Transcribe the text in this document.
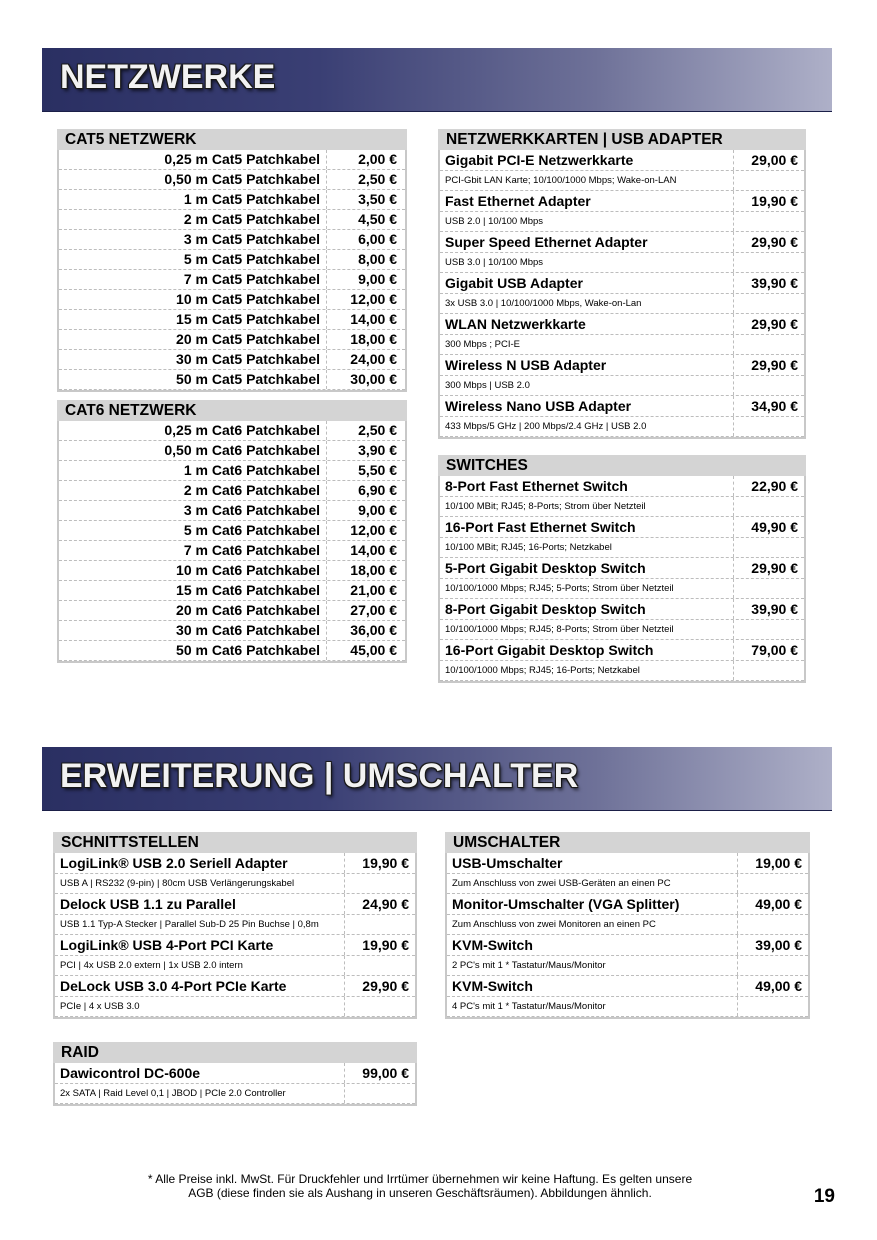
NETZWERKE
CAT5 NETZWERK
0,25 m Cat5 Patchkabel	2,00 €
0,50 m Cat5 Patchkabel	2,50 €
1 m Cat5 Patchkabel	3,50 €
2 m Cat5 Patchkabel	4,50 €
3 m Cat5 Patchkabel	6,00 €
5 m Cat5 Patchkabel	8,00 €
7 m Cat5 Patchkabel	9,00 €
10 m Cat5 Patchkabel	12,00 €
15 m Cat5 Patchkabel	14,00 €
20 m Cat5 Patchkabel	18,00 €
30 m Cat5 Patchkabel	24,00 €
50 m Cat5 Patchkabel	30,00 €
CAT6 NETZWERK
0,25 m Cat6 Patchkabel	2,50 €
0,50 m Cat6 Patchkabel	3,90 €
1 m Cat6 Patchkabel	5,50 €
2 m Cat6 Patchkabel	6,90 €
3 m Cat6 Patchkabel	9,00 €
5 m Cat6 Patchkabel	12,00 €
7 m Cat6 Patchkabel	14,00 €
10 m Cat6 Patchkabel	18,00 €
15 m Cat6 Patchkabel	21,00 €
20 m Cat6 Patchkabel	27,00 €
30 m Cat6 Patchkabel	36,00 €
50 m Cat6 Patchkabel	45,00 €
NETZWERKKARTEN | USB ADAPTER
Gigabit PCI-E Netzwerkkarte	29,00 €
PCI-Gbit LAN Karte; 10/100/1000 Mbps; Wake-on-LAN
Fast Ethernet Adapter	19,90 €
USB 2.0 | 10/100 Mbps
Super Speed Ethernet Adapter	29,90 €
USB 3.0 | 10/100 Mbps
Gigabit USB Adapter	39,90 €
3x USB 3.0 | 10/100/1000 Mbps, Wake-on-Lan
WLAN Netzwerkkarte	29,90 €
300 Mbps ; PCI-E
Wireless N USB Adapter	29,90 €
300 Mbps | USB 2.0
Wireless Nano USB Adapter	34,90 €
433 Mbps/5 GHz | 200 Mbps/2.4 GHz | USB 2.0
SWITCHES
8-Port Fast Ethernet Switch	22,90 €
10/100 MBit; RJ45; 8-Ports; Strom über Netzteil
16-Port Fast Ethernet Switch	49,90 €
10/100 MBit; RJ45; 16-Ports; Netzkabel
5-Port Gigabit Desktop Switch	29,90 €
10/100/1000 Mbps; RJ45; 5-Ports; Strom über Netzteil
8-Port Gigabit Desktop Switch	39,90 €
10/100/1000 Mbps; RJ45; 8-Ports; Strom über Netzteil
16-Port Gigabit Desktop Switch	79,00 €
10/100/1000 Mbps; RJ45; 16-Ports; Netzkabel
ERWEITERUNG | UMSCHALTER
SCHNITTSTELLEN
LogiLink® USB 2.0 Seriell Adapter	19,90 €
USB A | RS232 (9-pin) | 80cm USB Verlängerungskabel
Delock USB 1.1 zu Parallel	24,90 €
USB 1.1 Typ-A Stecker | Parallel Sub-D 25 Pin Buchse | 0,8m
LogiLink® USB 4-Port PCI Karte	19,90 €
PCI | 4x USB 2.0 extern | 1x USB 2.0 intern
DeLock USB 3.0 4-Port PCIe Karte	29,90 €
PCIe | 4 x USB 3.0
UMSCHALTER
USB-Umschalter	19,00 €
Zum Anschluss von zwei USB-Geräten an einen PC
Monitor-Umschalter (VGA Splitter)	49,00 €
Zum Anschluss von zwei Monitoren an einen PC
KVM-Switch	39,00 €
2 PC's mit 1 * Tastatur/Maus/Monitor
KVM-Switch	49,00 €
4 PC's mit 1 * Tastatur/Maus/Monitor
RAID
Dawicontrol DC-600e	99,00 €
2x SATA | Raid Level 0,1 | JBOD | PCIe 2.0 Controller
* Alle Preise inkl. MwSt. Für Druckfehler und Irrtümer übernehmen wir keine Haftung. Es gelten unsere
AGB (diese finden sie als Aushang in unseren Geschäftsräumen). Abbildungen ähnlich.	19
